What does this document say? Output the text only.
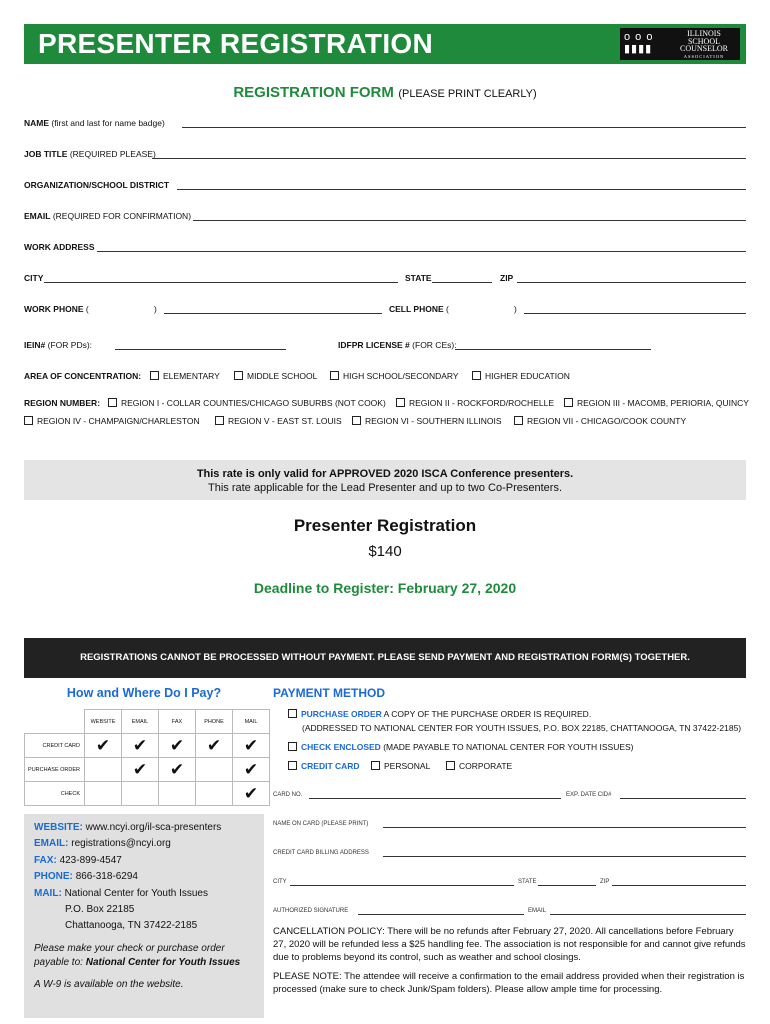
PRESENTER REGISTRATION	ο ο ο
▮▮▮▮
ILLINOIS
SCHOOL
COUNSELOR
ASSOCIATION
REGISTRATION FORM (PLEASE PRINT CLEARLY)
NAME (first and last for name badge)
JOB TITLE (REQUIRED PLEASE)
ORGANIZATION/SCHOOL DISTRICT
EMAIL (REQUIRED FOR CONFIRMATION)
WORK ADDRESS
CITY	STATE	ZIP
WORK PHONE (	)	CELL PHONE (	)
IEIN# (FOR PDs):	IDFPR LICENSE # (FOR CEs):
AREA OF CONCENTRATION:	ELEMENTARY	MIDDLE SCHOOL	HIGH SCHOOL/SECONDARY	HIGHER EDUCATION
REGION NUMBER:	REGION I - COLLAR COUNTIES/CHICAGO SUBURBS (NOT COOK)	REGION II - ROCKFORD/ROCHELLE	REGION III - MACOMB, PERIORIA, QUINCY
REGION IV - CHAMPAIGN/CHARLESTON	REGION V - EAST ST. LOUIS	REGION VI - SOUTHERN ILLINOIS	REGION VII - CHICAGO/COOK COUNTY
This rate is only valid for APPROVED 2020 ISCA Conference presenters.
This rate applicable for the Lead Presenter and up to two Co-Presenters.
Presenter Registration
$140
Deadline to Register: February 27, 2020
REGISTRATIONS CANNOT BE PROCESSED WITHOUT PAYMENT. PLEASE SEND PAYMENT AND REGISTRATION FORM(S) TOGETHER.
How and Where Do I Pay?
	WEBSITE	EMAIL	FAX	PHONE	MAIL
CREDIT CARD	✔	✔	✔	✔	✔
PURCHASE ORDER		✔	✔		✔
CHECK					✔
WEBSITE: www.ncyi.org/il-sca-presenters
EMAIL: registrations@ncyi.org
FAX: 423-899-4547
PHONE: 866-318-6294
MAIL: National Center for Youth Issues
P.O. Box 22185
Chattanooga, TN 37422-2185
Please make your check or purchase order
payable to: National Center for Youth Issues
A W-9 is available on the website.
PAYMENT METHOD
PURCHASE ORDER A COPY OF THE PURCHASE ORDER IS REQUIRED.
(ADDRESSED TO NATIONAL CENTER FOR YOUTH ISSUES, P.O. BOX 22185, CHATTANOOGA, TN 37422-2185)
CHECK ENCLOSED (MADE PAYABLE TO NATIONAL CENTER FOR YOUTH ISSUES)
CREDIT CARD	PERSONAL	CORPORATE
CARD NO.	EXP. DATE CID#
NAME ON CARD (PLEASE PRINT)
CREDIT CARD BILLING ADDRESS
CITY	STATE	ZIP
AUTHORIZED SIGNATURE	EMAIL
CANCELLATION POLICY: There will be no refunds after February 27, 2020. All cancellations before February 27, 2020 will be refunded less a $25 handling fee. The association is not responsible for and cannot give refunds due to problems beyond its control, such as weather and school closings.
PLEASE NOTE: The attendee will receive a confirmation to the email address provided when their registration is processed (make sure to check Junk/Spam folders). Please allow ample time for processing.
